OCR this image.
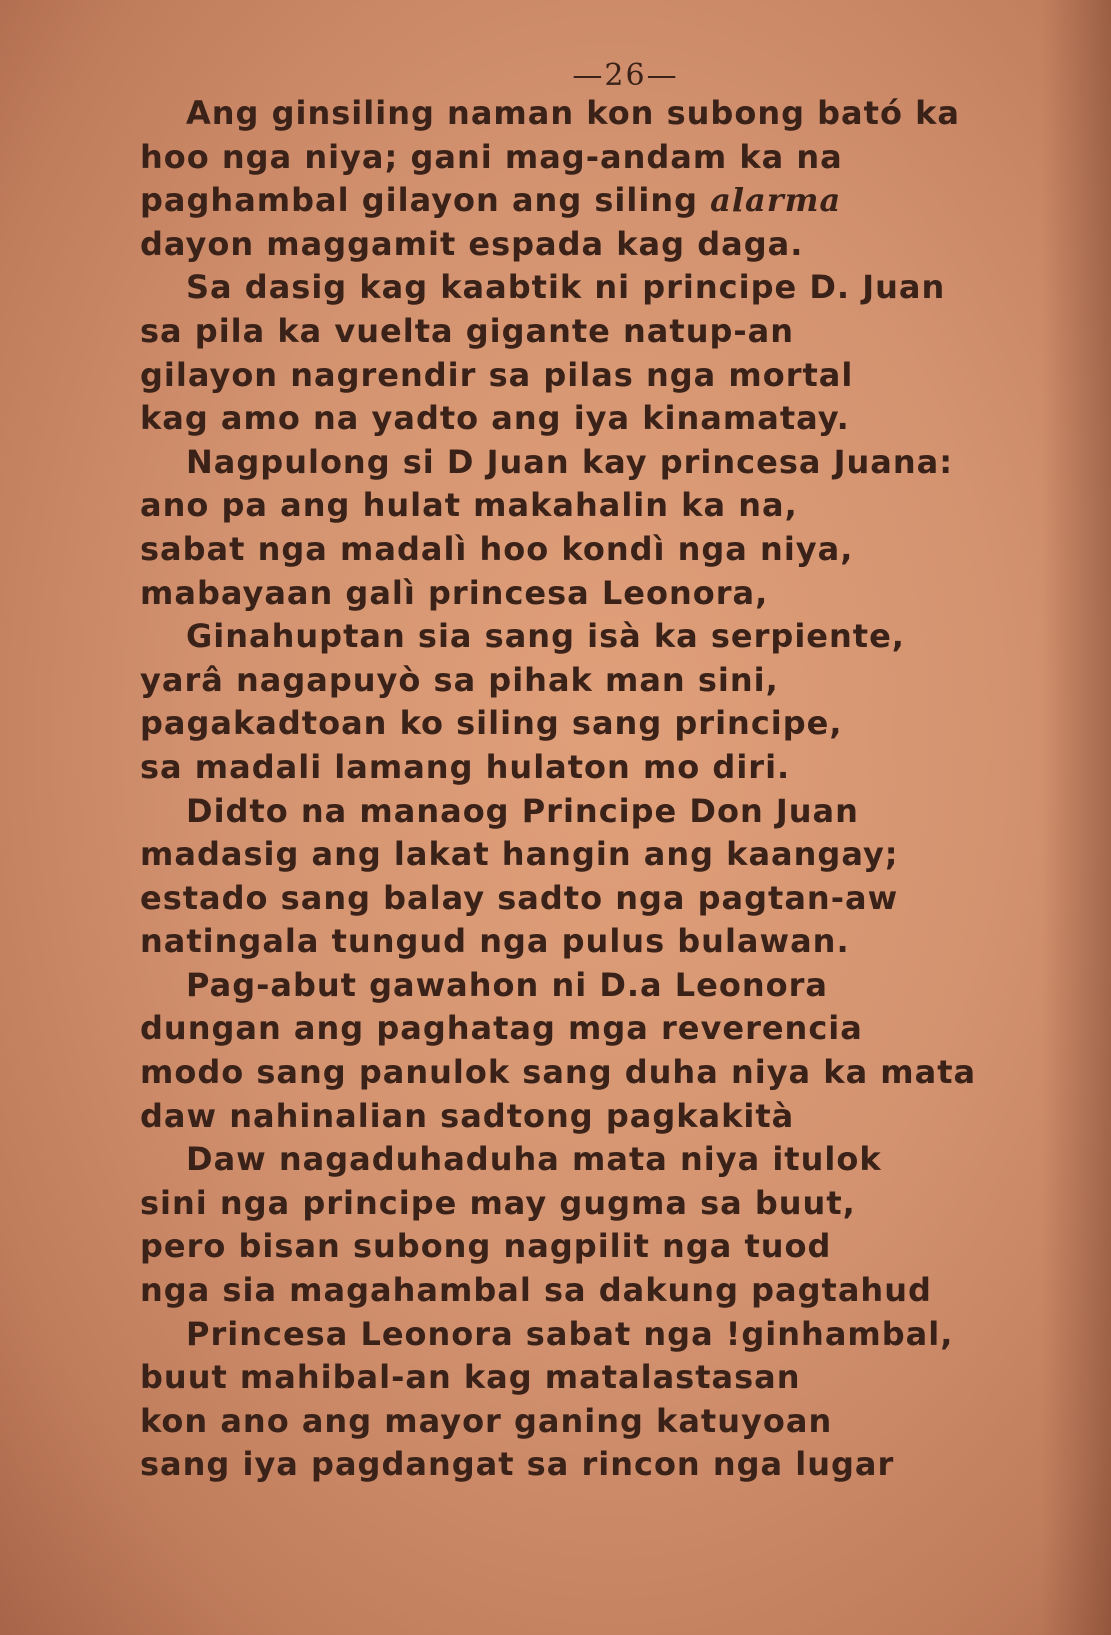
—26—
Ang ginsiling naman kon subong bató ka
hoo nga niya; gani mag-andam ka na
paghambal gilayon ang siling alarma
dayon maggamit espada kag daga.
Sa dasig kag kaabtik ni principe D. Juan
sa pila ka vuelta gigante natup-an
gilayon nagrendir sa pilas nga mortal
kag amo na yadto ang iya kinamatay.
Nagpulong si D Juan kay princesa Juana:
ano pa ang hulat makahalin ka na,
sabat nga madalì hoo kondì nga niya,
mabayaan galì princesa Leonora,
Ginahuptan sia sang isà ka serpiente,
yarâ nagapuyò sa pihak man sini,
pagakadtoan ko siling sang principe,
sa madali lamang hulaton mo diri.
Didto na manaog Principe Don Juan
madasig ang lakat hangin ang kaangay;
estado sang balay sadto nga pagtan-aw
natingala tungud nga pulus bulawan.
Pag-abut gawahon ni D.a Leonora
dungan ang paghatag mga reverencia
modo sang panulok sang duha niya ka mata
daw nahinalian sadtong pagkakità
Daw nagaduhaduha mata niya itulok
sini nga principe may gugma sa buut,
pero bisan subong nagpilit nga tuod
nga sia magahambal sa dakung pagtahud
Princesa Leonora sabat nga !ginhambal,
buut mahibal-an kag matalastasan
kon ano ang mayor ganing katuyoan
sang iya pagdangat sa rincon nga lugar
